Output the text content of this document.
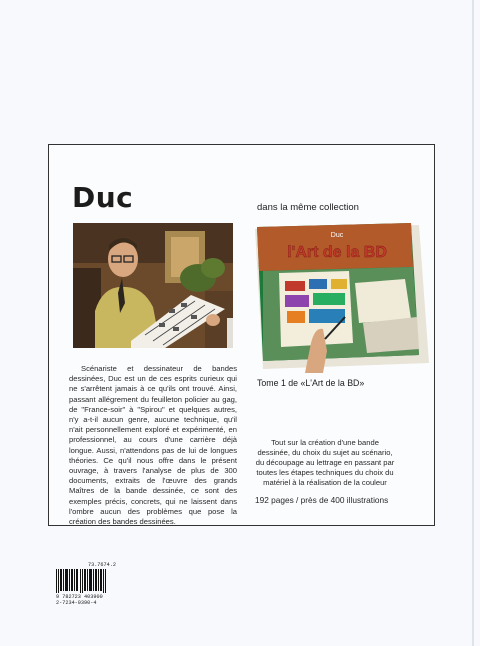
Duc
Scénariste et dessinateur de bandes dessinées, Duc est un de ces esprits curieux qui ne s'arrêtent jamais à ce qu'ils ont trouvé. Ainsi, passant allégrement du feuilleton policier au gag, de "France-soir" à "Spirou" et quelques autres, n'y a-t-il aucun genre, aucune technique, qu'il n'ait personnellement exploré et expérimenté, en professionnel, au cours d'une carrière déjà longue. Aussi, n'attendons pas de lui de longues théories. Ce qu'il nous offre dans le présent ouvrage, à travers l'analyse de plus de 300 documents, extraits de l'œuvre des grands Maîtres de la bande dessinée, ce sont des exemples précis, concrets, qui ne laissent dans l'ombre aucun des problèmes que pose la création des bandes dessinées.
dans la même collection
Duc
l'Art de la BD
Tome 1 de «L'Art de la BD»
Tout sur la création d'une bande dessinée, du choix du sujet au scénario, du découpage au lettrage en passant par toutes les étapes techniques du choix du matériel à la réalisation de la couleur
192 pages / près de 400 illustrations
73.7674.2
9 782723 403900
2-7234-0390-4
